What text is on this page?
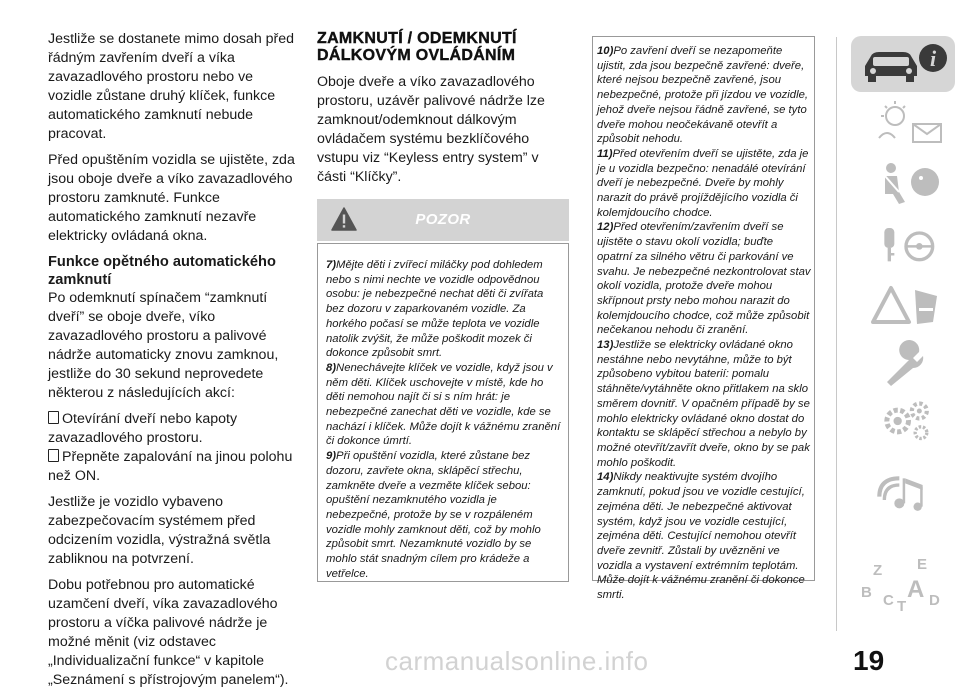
Jestliže se dostanete mimo dosah před řádným zavřením dveří a víka zavazadlového prostoru nebo ve vozidle zůstane druhý klíček, funkce automatického zamknutí nebude pracovat.

Před opuštěním vozidla se ujistěte, zda jsou oboje dveře a víko zavazadlového prostoru zamknuté. Funkce automatického zamknutí nezavře elektricky ovládaná okna.

Funkce opětného automatického zamknutí

Po odemknutí spínačem “zamknutí dveří” se oboje dveře, víko zavazadlového prostoru a palivové nádrže automaticky znovu zamknou, jestliže do 30 sekund neprovedete některou z následujících akcí:

Otevírání dveří nebo kapoty zavazadlového prostoru.

Přepněte zapalování na jinou polohu než ON.

Jestliže je vozidlo vybaveno zabezpečovacím systémem před odcizením vozidla, výstražná světla zabliknou na potvrzení.

Dobu potřebnou pro automatické uzamčení dveří, víka zavazadlového prostoru a víčka palivové nádrže je možné měnit (viz odstavec „Individualizační funkce“ v kapitole „Seznámení s přístrojovým panelem“).

ZAMKNUTÍ / ODEMKNUTÍ DÁLKOVÝM OVLÁDÁNÍM

Oboje dveře a víko zavazadlového prostoru, uzávěr palivové nádrže lze zamknout/odemknout dálkovým ovládačem systému bezklíčového vstupu viz “Keyless entry system” v části “Klíčky”.

POZOR
7)Mějte děti i zvířecí miláčky pod dohledem nebo s nimi nechte ve vozidle odpovědnou osobu: je nebezpečné nechat děti či zvířata bez dozoru v zaparkovaném vozidle. Za horkého počasí se může teplota ve vozidle natolik zvýšit, že může poškodit mozek či dokonce způsobit smrt.
8)Nenechávejte klíček ve vozidle, když jsou v něm děti. Klíček uschovejte v místě, kde ho děti nemohou najít či si s ním hrát: je nebezpečné zanechat děti ve vozidle, kde se nachází i klíček. Může dojít k vážnému zranění či dokonce úmrtí.
9)Při opuštění vozidla, které zůstane bez dozoru, zavřete okna, sklápěcí střechu, zamkněte dveře a vezměte klíček sebou: opuštění nezamknutého vozidla je nebezpečné, protože by se v rozpáleném vozidle mohly zamknout děti, což by mohlo způsobit smrt. Nezamknuté vozidlo by se mohlo stát snadným cílem pro krádeže a vetřelce.
10)Po zavření dveří se nezapomeňte ujistit, zda jsou bezpečně zavřené: dveře, které nejsou bezpečně zavřené, jsou nebezpečné, protože při jízdou ve vozidle, jehož dveře nejsou řádně zavřené, se tyto dveře mohou neočekávaně otevřít a způsobit nehodu.
11)Před otevřením dveří se ujistěte, zda je je u vozidla bezpečno: nenadálé otevírání dveří je nebezpečné. Dveře by mohly narazit do právě projíždějícího vozidla či kolemjdoucího chodce.
12)Před otevřením/zavřením dveří se ujistěte o stavu okolí vozidla; buďte opatrní za silného větru či parkování ve svahu. Je nebezpečné nezkontrolovat stav okolí vozidla, protože dveře mohou skřípnout prsty nebo mohou narazit do kolemjdoucího chodce, což může způsobit nečekanou nehodu či zranění.
13)Jestliže se elektricky ovládané okno nestáhne nebo nevytáhne, může to být způsobeno vybitou baterií: pomalu stáhněte/vytáhněte okno přitlakem na sklo směrem dovnitř. V opačném případě by se mohlo elektricky ovládané okno dostat do kontaktu se sklápěcí střechou a nebylo by možné otevřít/zavřít dveře, okno by se pak mohlo poškodit.
14)Nikdy neaktivujte systém dvojího zamknutí, pokud jsou ve vozidle cestující, zejména děti. Je nebezpečné aktivovat systém, když jsou ve vozidle cestující, zejména děti. Cestující nemohou otevřít dveře zevnitř. Zůstali by uvězněni ve vozidla a vystavení extrémním teplotám. Může dojít k vážnému zranění či dokonce smrti.
i
Z E
A
B C T D
carmanualsonline.info	19
